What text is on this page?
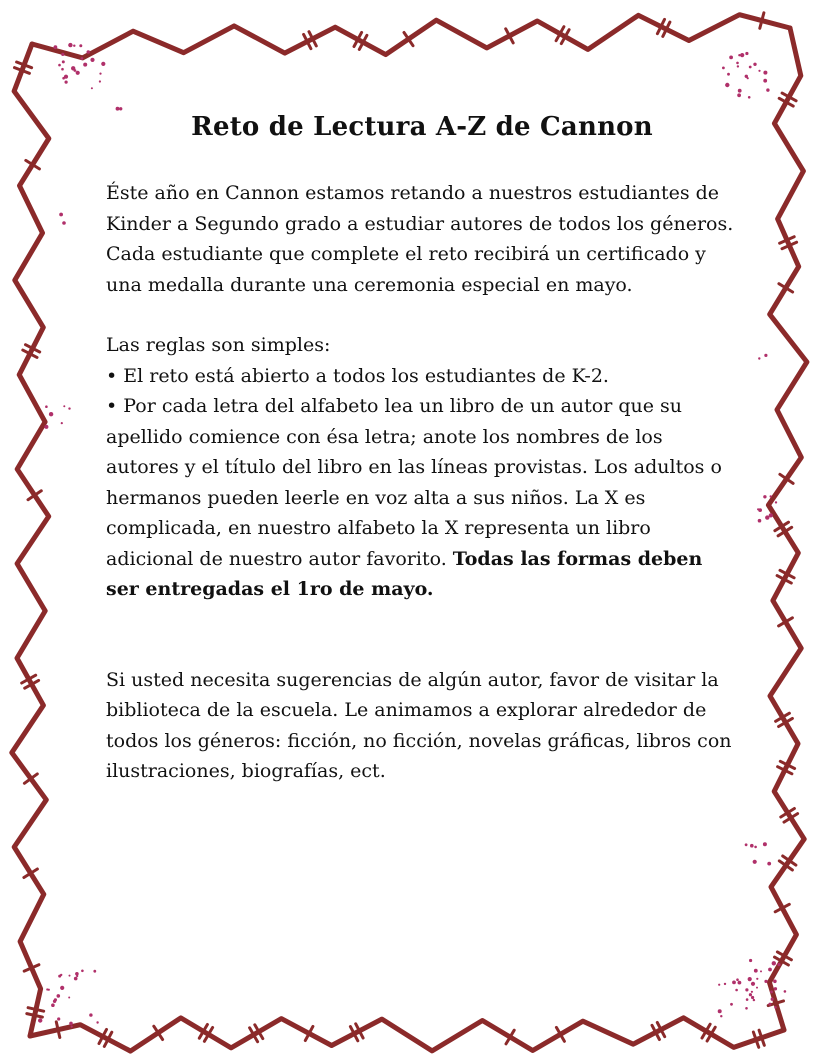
Reto de Lectura A-Z de Cannon

Éste año en Cannon estamos retando a nuestros estudiantes de Kinder a Segundo grado a estudiar autores de todos los géneros.

Cada estudiante que complete el reto recibirá un certificado y una medalla durante una ceremonia especial en mayo.

Las reglas son simples:

• El reto está abierto a todos los estudiantes de K-2.

• Por cada letra del alfabeto lea un libro de un autor que su apellido comience con ésa letra; anote los nombres de los autores y el título del libro en las líneas provistas. Los adultos o hermanos pueden leerle en voz alta a sus niños. La X es complicada, en nuestro alfabeto la X representa un libro adicional de nuestro autor favorito. Todas las formas deben ser entregadas el 1ro de mayo.

Si usted necesita sugerencias de algún autor, favor de visitar la biblioteca de la escuela. Le animamos a explorar alrededor de todos los géneros: ficción, no ficción, novelas gráficas, libros con ilustraciones, biografías, ect.
